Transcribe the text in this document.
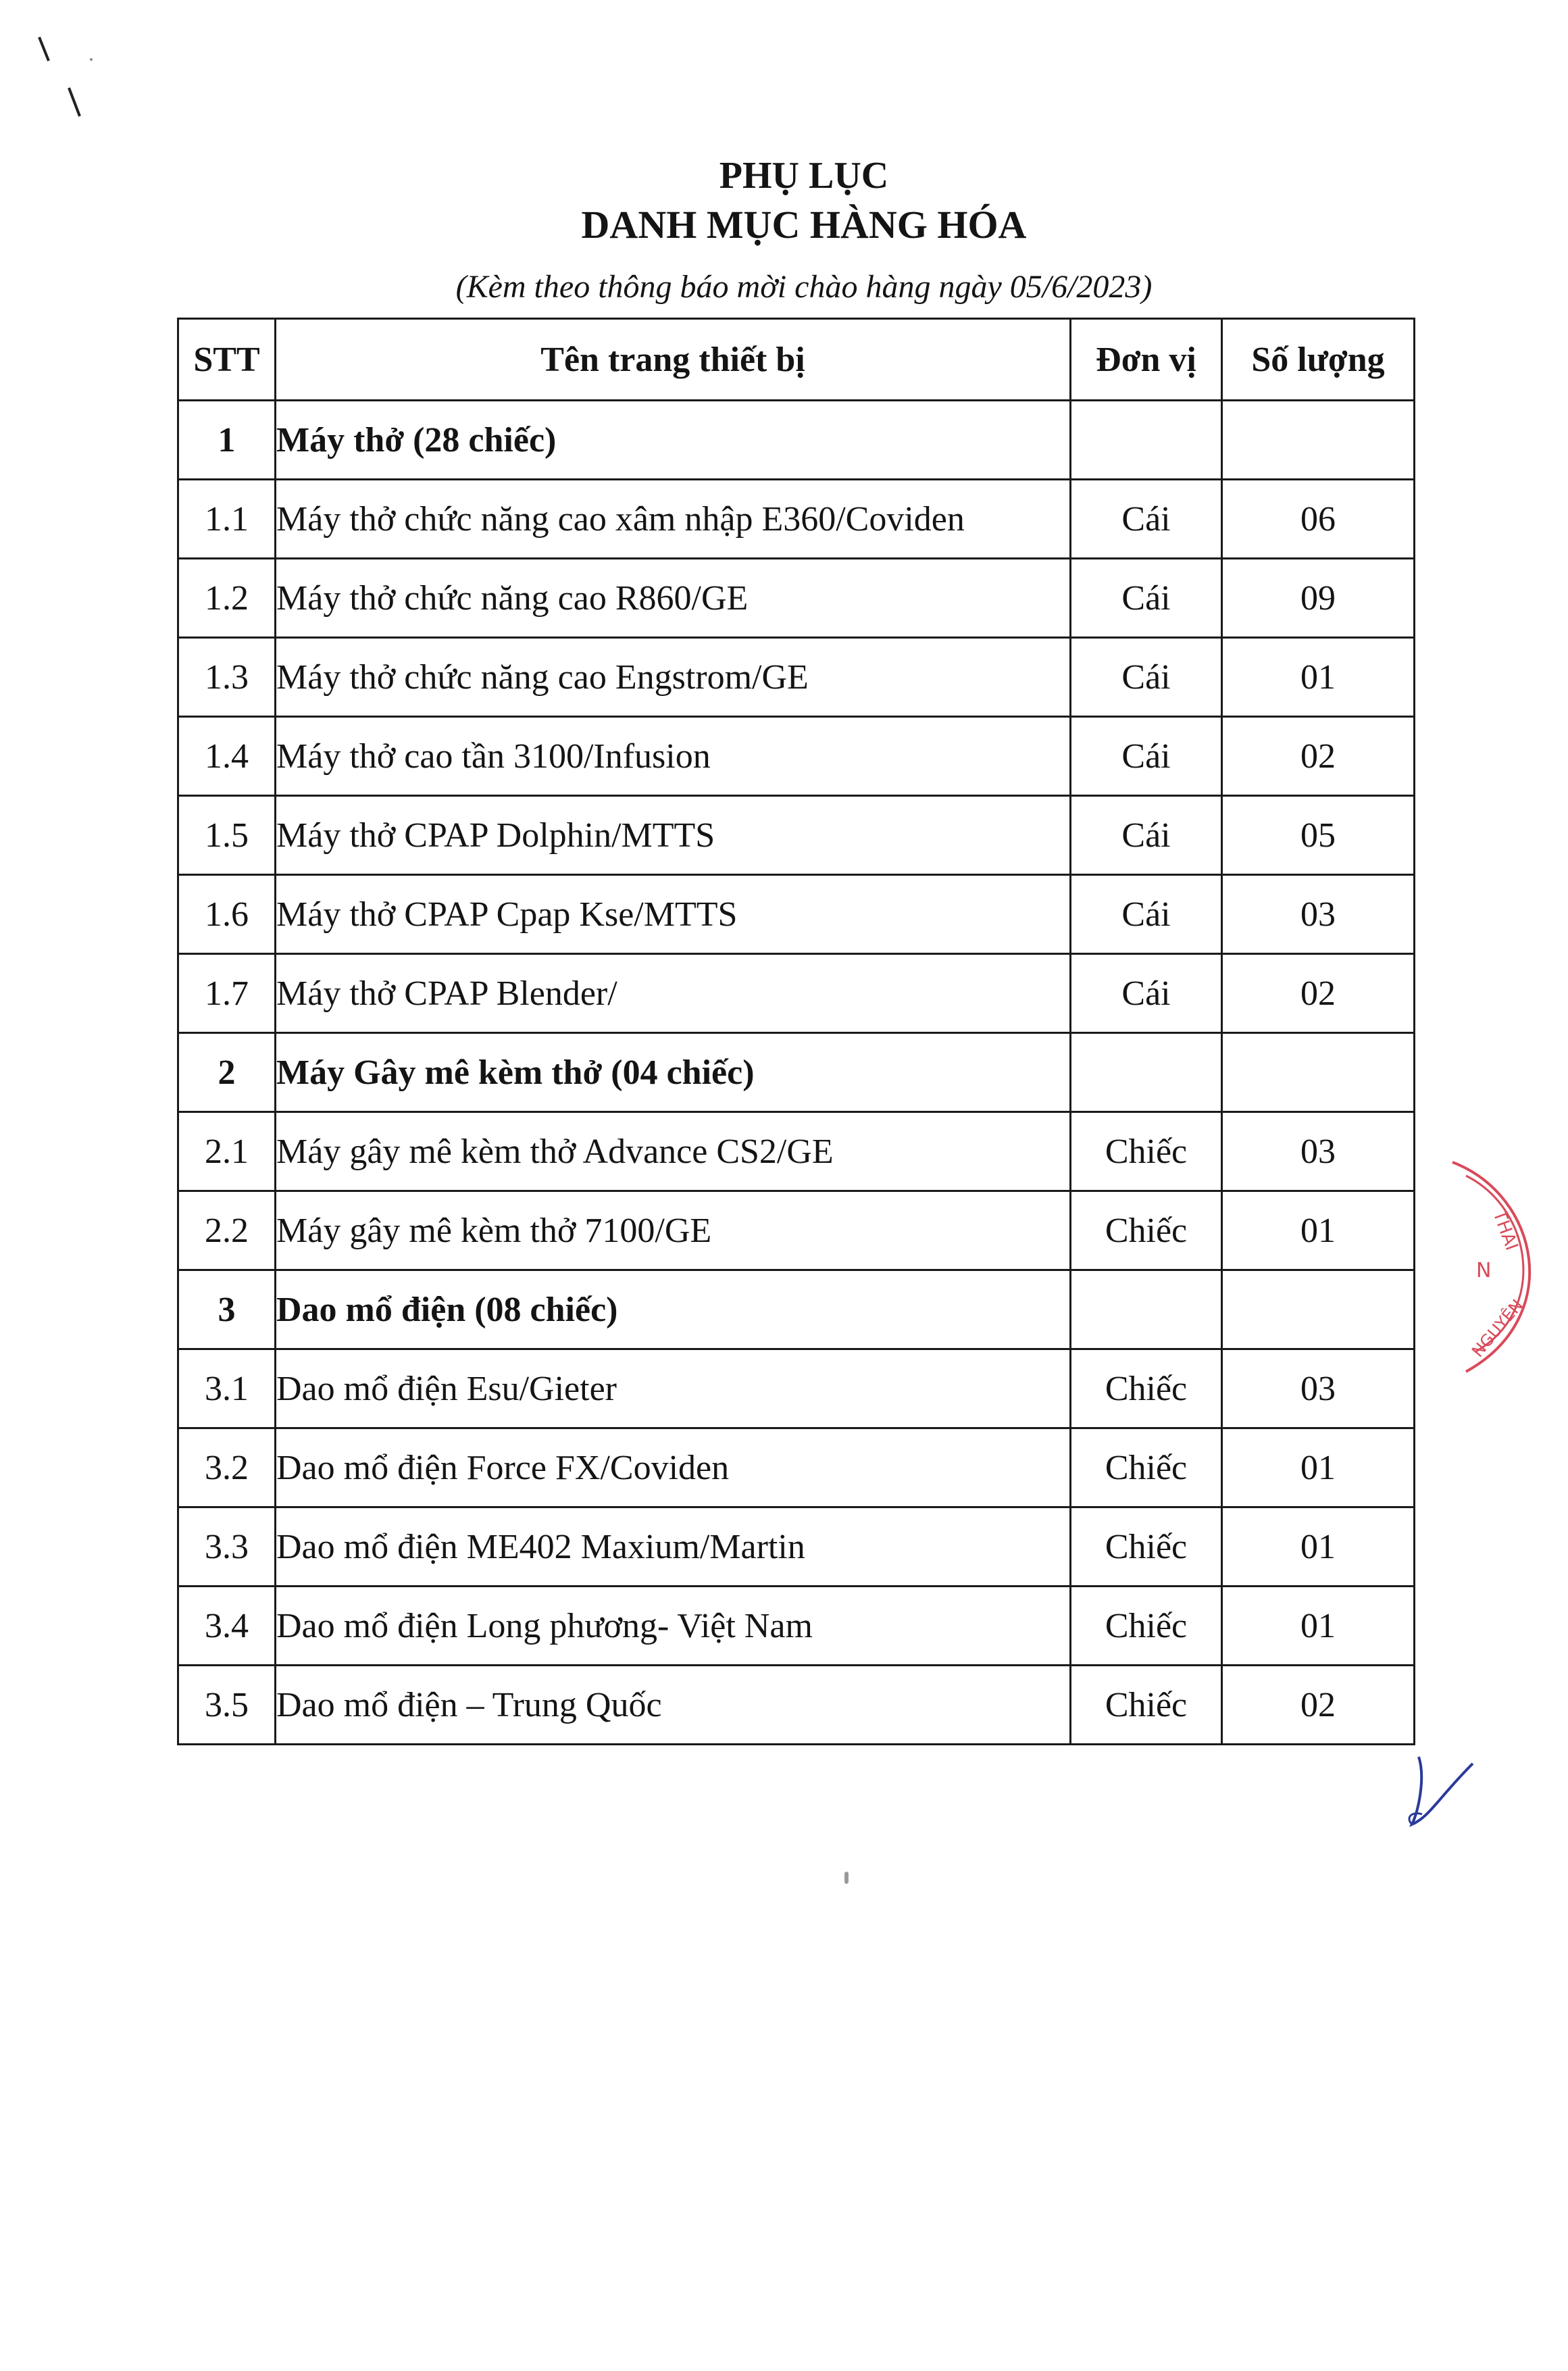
PHỤ LỤC
DANH MỤC HÀNG HÓA
(Kèm theo thông báo mời chào hàng ngày 05/6/2023)
STT	Tên trang thiết bị	Đơn vị	Số lượng
1	Máy thở (28 chiếc)		
1.1	Máy thở chức năng cao xâm nhập E360/Coviden	Cái	06
1.2	Máy thở chức năng cao R860/GE	Cái	09
1.3	Máy thở chức năng cao Engstrom/GE	Cái	01
1.4	Máy thở cao tần 3100/Infusion	Cái	02
1.5	Máy thở CPAP Dolphin/MTTS	Cái	05
1.6	Máy thở CPAP Cpap Kse/MTTS	Cái	03
1.7	Máy thở CPAP Blender/	Cái	02
2	Máy Gây mê kèm thở (04 chiếc)		
2.1	Máy gây mê kèm thở Advance CS2/GE	Chiếc	03
2.2	Máy gây mê kèm thở 7100/GE	Chiếc	01
3	Dao mổ điện (08 chiếc)		
3.1	Dao mổ điện Esu/Gieter	Chiếc	03
3.2	Dao mổ điện Force FX/Coviden	Chiếc	01
3.3	Dao mổ điện ME402 Maxium/Martin	Chiếc	01
3.4	Dao mổ điện Long phương- Việt Nam	Chiếc	01
3.5	Dao mổ điện – Trung Quốc	Chiếc	02
THÁI
N
NGUYÊN
